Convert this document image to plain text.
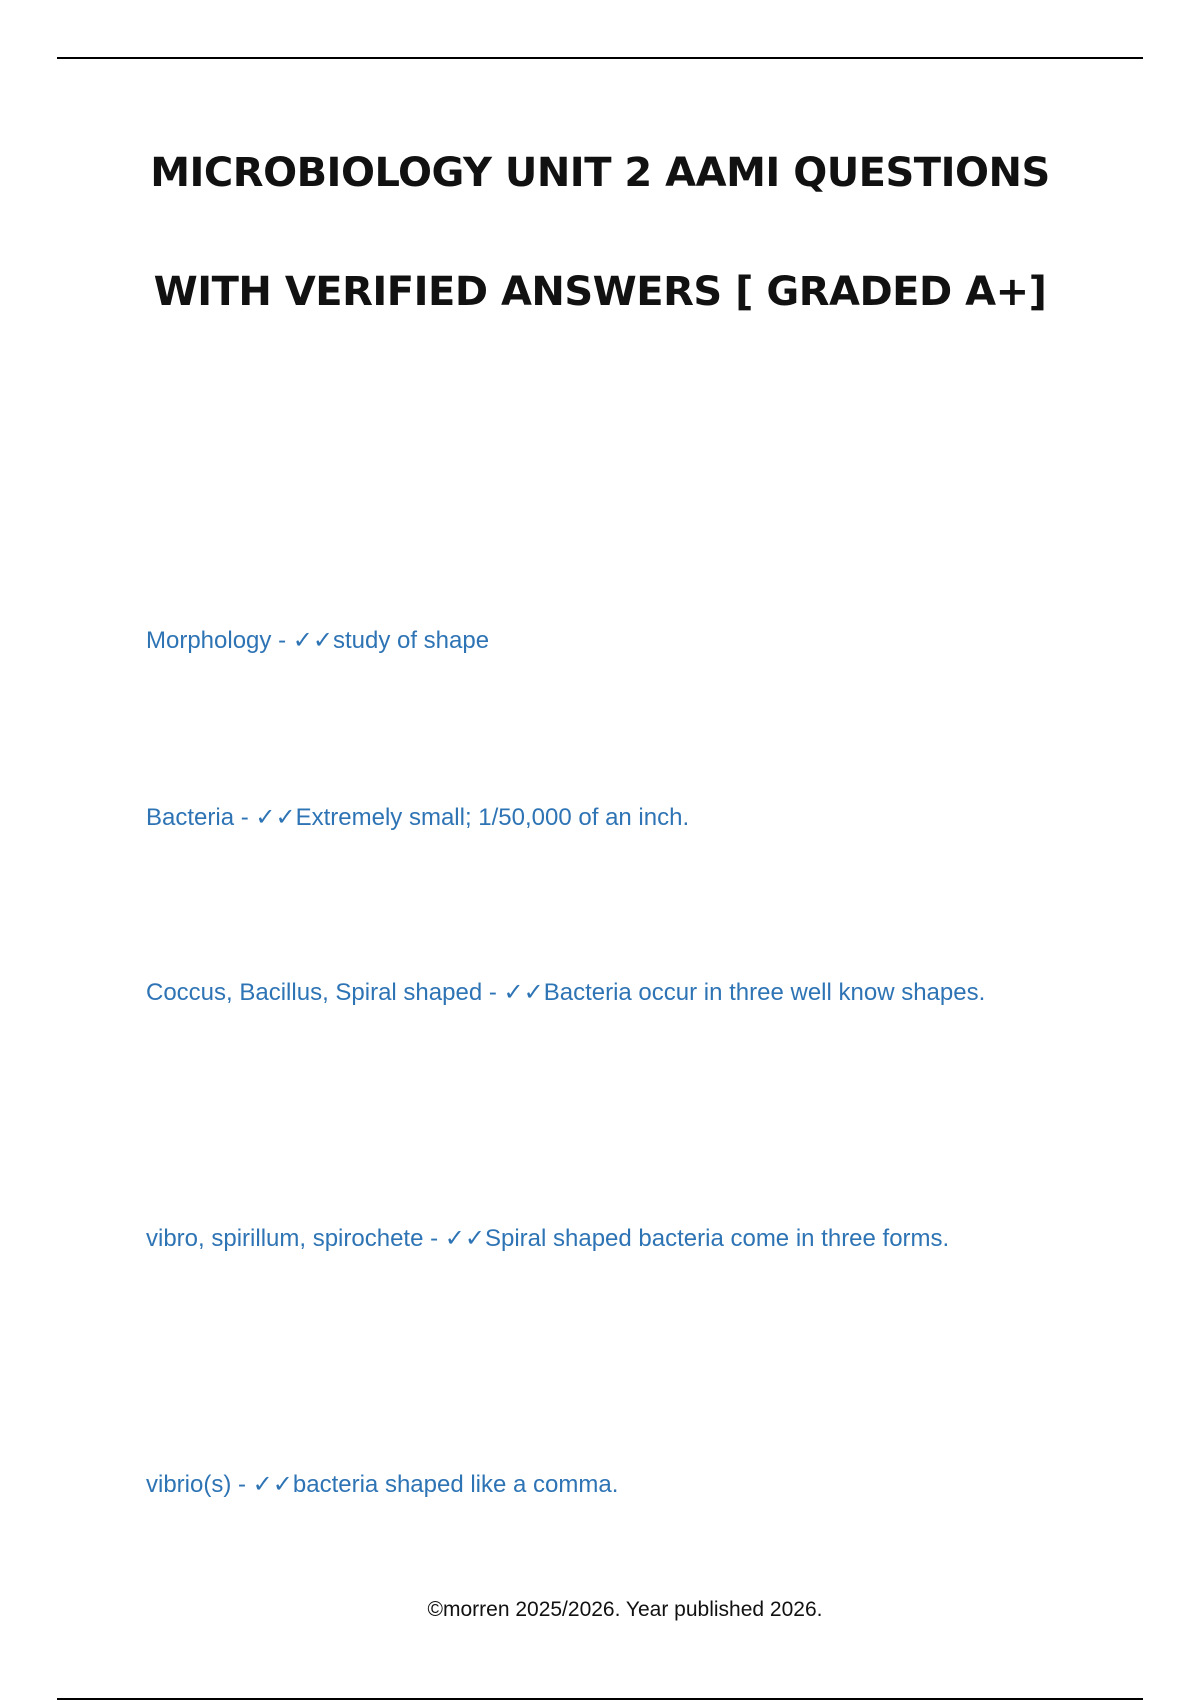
MICROBIOLOGY UNIT 2 AAMI QUESTIONS
WITH VERIFIED ANSWERS [ GRADED A+]

Morphology - ✓✓study of shape

Bacteria - ✓✓Extremely small; 1/50,000 of an inch.

Coccus, Bacillus, Spiral shaped - ✓✓Bacteria occur in three well know shapes.

vibro, spirillum, spirochete - ✓✓Spiral shaped bacteria come in three forms.

vibrio(s) - ✓✓bacteria shaped like a comma.

©morren 2025/2026. Year published 2026.
